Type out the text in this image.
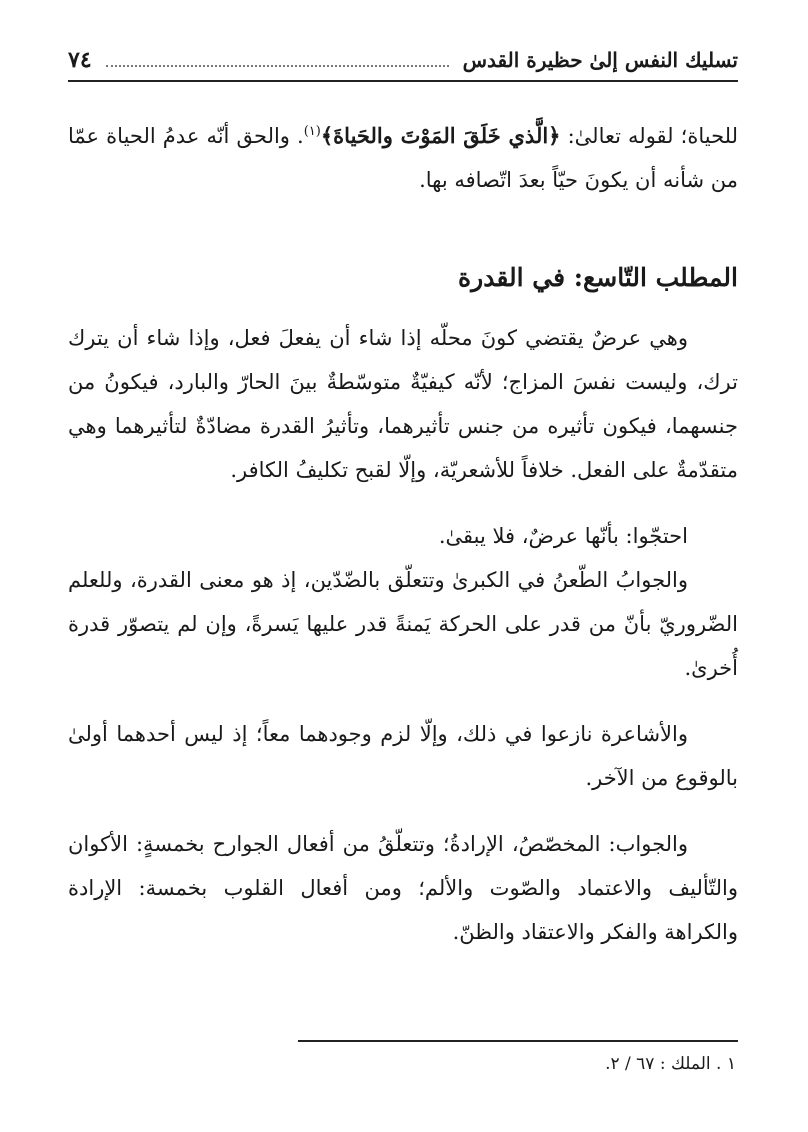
تسليك النفس إلىٰ حظيرة القدس
٧٤

للحياة؛ لقوله تعالىٰ: ﴿الَّذي خَلَقَ المَوْتَ والحَياةَ﴾$^{(١)}$. والحق أنّه عدمُ الحياة عمّا من شأنه أن يكونَ حيّاً بعدَ اتّصافه بها.

المطلب التّاسع: في القدرة

وهي عرضٌ يقتضي كونَ محلّه إذا شاء أن يفعلَ فعل، وإذا شاء أن يترك ترك، وليست نفسَ المزاج؛ لأنّه كيفيّةٌ متوسّطةٌ بينَ الحارّ والبارد، فيكونُ من جنسهما، فيكون تأثيره من جنس تأثيرهما، وتأثيرُ القدرة مضادّةٌ لتأثيرهما وهي متقدّمةٌ على الفعل. خلافاً للأشعريّة، وإلّا لقبح تكليفُ الكافر.

احتجّوا: بأنّها عرضٌ، فلا يبقىٰ.

والجوابُ الطّعنُ في الكبرىٰ وتتعلّق بالضّدّين، إذ هو معنى القدرة، وللعلم الضّروريّ بأنّ من قدر على الحركة يَمنةً قدر عليها يَسرةً، وإن لم يتصوّر قدرة أُخرىٰ.

والأشاعرة نازعوا في ذلك، وإلّا لزم وجودهما معاً؛ إذ ليس أحدهما أولىٰ بالوقوع من الآخر.

والجواب: المخصّصُ، الإرادةُ؛ وتتعلّقُ من أفعال الجوارح بخمسةٍ: الأكوان والتّأليف والاعتماد والصّوت والألم؛ ومن أفعال القلوب بخمسة: الإرادة والكراهة والفكر والاعتقاد والظنّ.

١ . الملك : ٦٧ / ٢.
